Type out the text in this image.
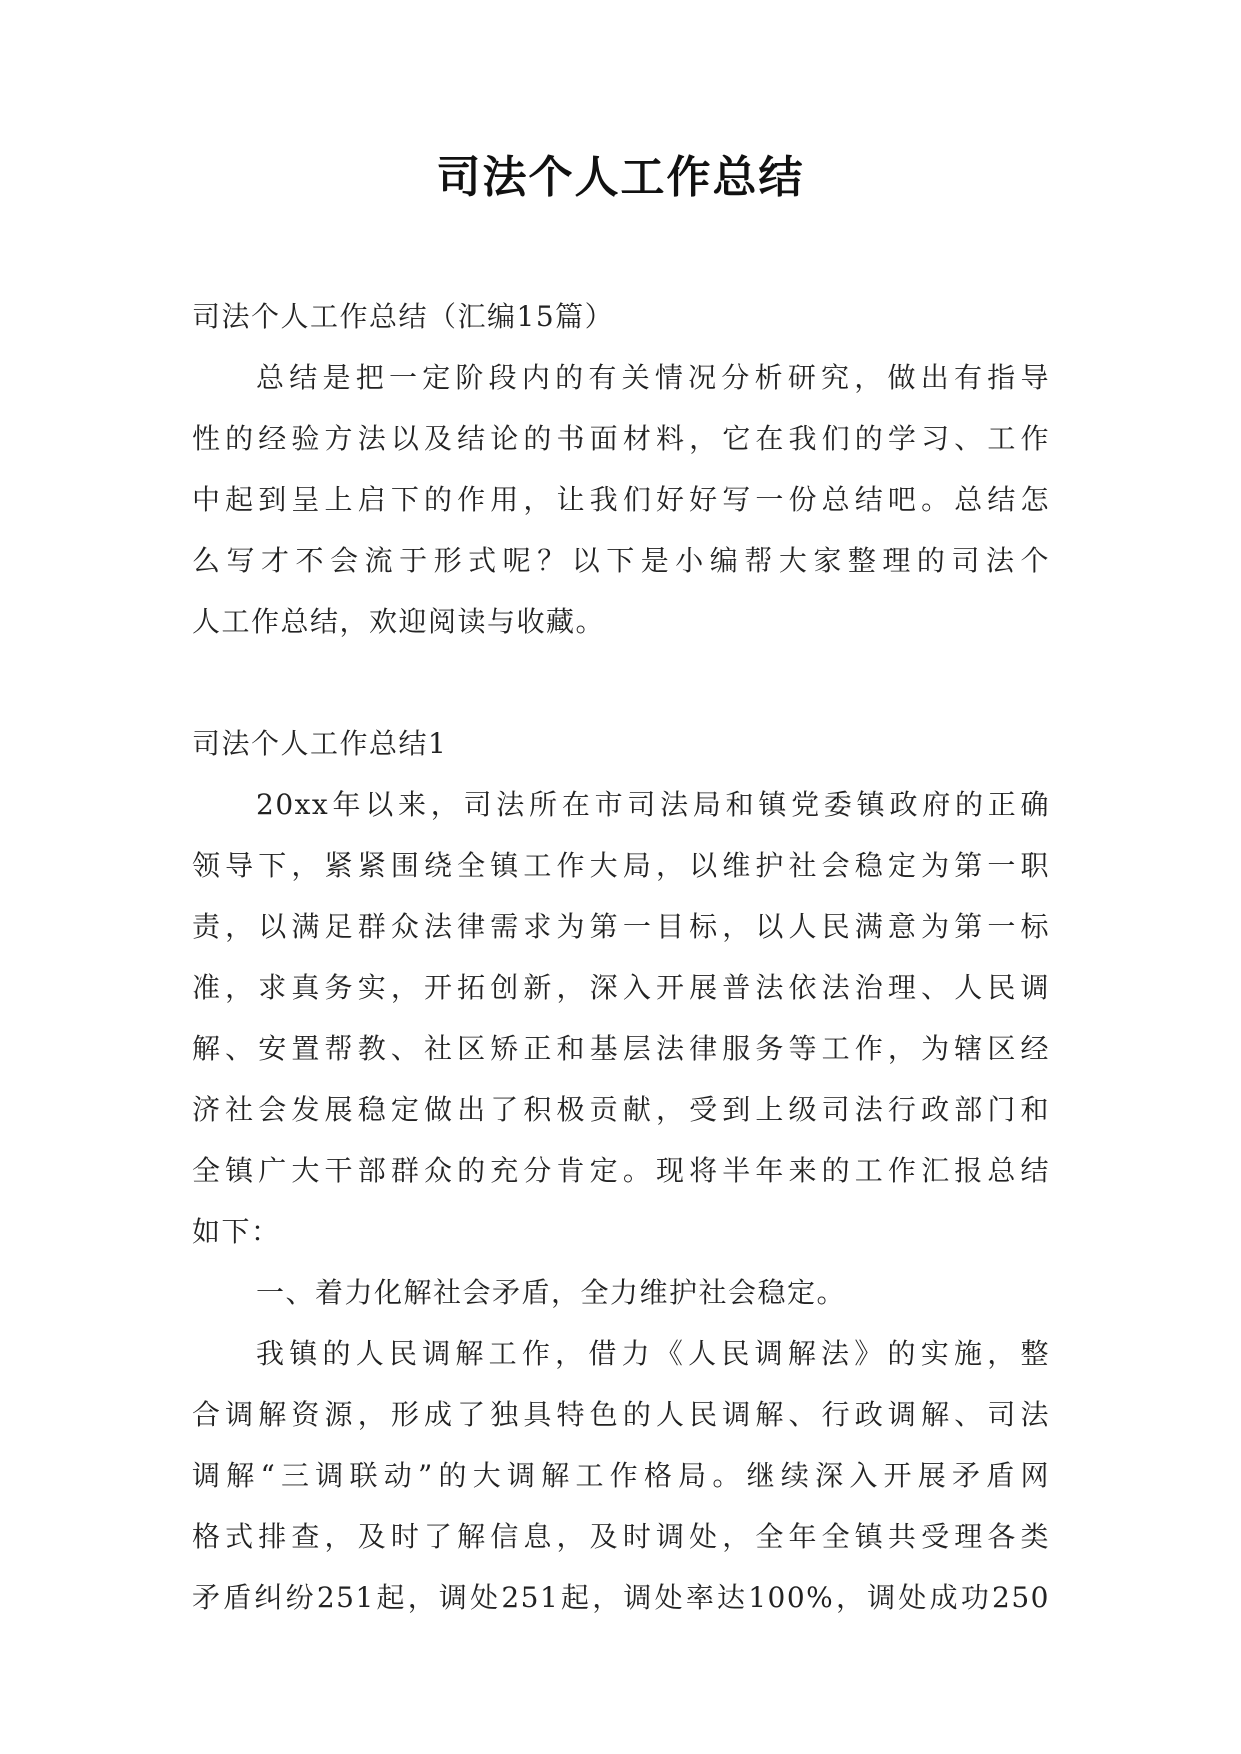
司法个人工作总结
司法个人工作总结（汇编15篇）
总结是把一定阶段内的有关情况分析研究，做出有指导
性的经验方法以及结论的书面材料，它在我们的学习、工作
中起到呈上启下的作用，让我们好好写一份总结吧。总结怎
么写才不会流于形式呢？以下是小编帮大家整理的司法个
人工作总结，欢迎阅读与收藏。
司法个人工作总结1
20xx年以来，司法所在市司法局和镇党委镇政府的正确
领导下，紧紧围绕全镇工作大局，以维护社会稳定为第一职
责，以满足群众法律需求为第一目标，以人民满意为第一标
准，求真务实，开拓创新，深入开展普法依法治理、人民调
解、安置帮教、社区矫正和基层法律服务等工作，为辖区经
济社会发展稳定做出了积极贡献，受到上级司法行政部门和
全镇广大干部群众的充分肯定。现将半年来的工作汇报总结
如下：
一、着力化解社会矛盾，全力维护社会稳定。
我镇的人民调解工作，借力《人民调解法》的实施，整
合调解资源，形成了独具特色的人民调解、行政调解、司法
调解“三调联动”的大调解工作格局。继续深入开展矛盾网
格式排查，及时了解信息，及时调处，全年全镇共受理各类
矛盾纠纷251起，调处251起，调处率达100%，调处成功250
